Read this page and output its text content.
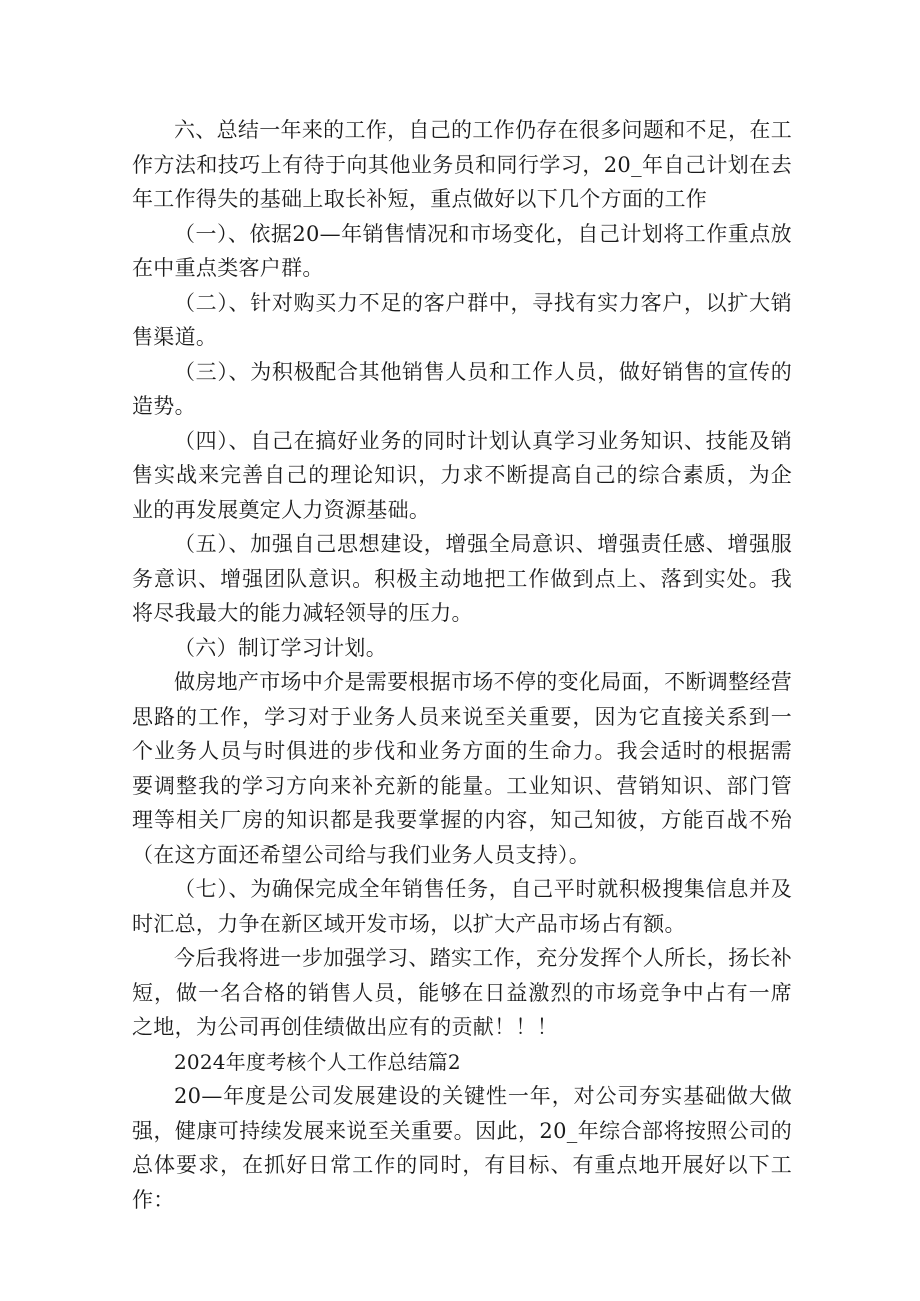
六、总结一年来的工作，自己的工作仍存在很多问题和不足，在工作方法和技巧上有待于向其他业务员和同行学习，20_年自己计划在去年工作得失的基础上取长补短，重点做好以下几个方面的工作

（一）、依据20—年销售情况和市场变化，自己计划将工作重点放在中重点类客户群。

（二）、针对购买力不足的客户群中，寻找有实力客户，以扩大销售渠道。

（三）、为积极配合其他销售人员和工作人员，做好销售的宣传的造势。

（四）、自己在搞好业务的同时计划认真学习业务知识、技能及销售实战来完善自己的理论知识，力求不断提高自己的综合素质，为企业的再发展奠定人力资源基础。

（五）、加强自己思想建设，增强全局意识、增强责任感、增强服务意识、增强团队意识。积极主动地把工作做到点上、落到实处。我将尽我最大的能力减轻领导的压力。

（六）制订学习计划。

做房地产市场中介是需要根据市场不停的变化局面，不断调整经营思路的工作，学习对于业务人员来说至关重要，因为它直接关系到一个业务人员与时俱进的步伐和业务方面的生命力。我会适时的根据需要调整我的学习方向来补充新的能量。工业知识、营销知识、部门管理等相关厂房的知识都是我要掌握的内容，知己知彼，方能百战不殆（在这方面还希望公司给与我们业务人员支持）。

（七）、为确保完成全年销售任务，自己平时就积极搜集信息并及时汇总，力争在新区域开发市场，以扩大产品市场占有额。

今后我将进一步加强学习、踏实工作，充分发挥个人所长，扬长补短，做一名合格的销售人员，能够在日益激烈的市场竞争中占有一席之地，为公司再创佳绩做出应有的贡献！！！

2024年度考核个人工作总结篇2

20—年度是公司发展建设的关键性一年，对公司夯实基础做大做强，健康可持续发展来说至关重要。因此，20_年综合部将按照公司的总体要求，在抓好日常工作的同时，有目标、有重点地开展好以下工作：
